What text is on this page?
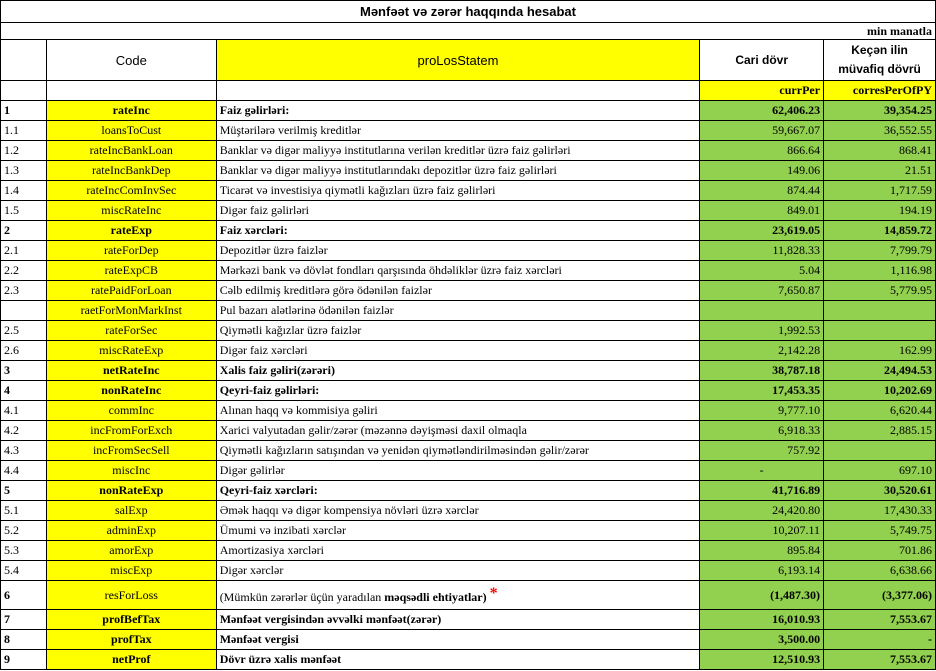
Mənfəət və zərər haqqında hesabat				
				min manatla
	Code	proLosStatem	Cari dövr	Keçən ilin müvafiq dövrü
			currPer	corresPerOfPY
1	rateInc	Faiz gəlirləri:	62,406.23	39,354.25
1.1	loansToCust	Müştərilərə verilmiş kreditlər	59,667.07	36,552.55
1.2	rateIncBankLoan	Banklar və digər maliyyə institutlarına verilən kreditlər üzrə faiz gəlirləri	866.64	868.41
1.3	rateIncBankDep	Banklar və digər maliyyə institutlarındakı depozitlər üzrə faiz gəlirləri	149.06	21.51
1.4	rateIncComInvSec	Ticarət və investisiya qiymətli kağızları üzrə faiz gəlirləri	874.44	1,717.59
1.5	miscRateInc	Digər faiz gəlirləri	849.01	194.19
2	rateExp	Faiz xərcləri:	23,619.05	14,859.72
2.1	rateForDep	Depozitlər üzrə faizlər	11,828.33	7,799.79
2.2	rateExpCB	Mərkəzi bank və dövlət fondları qarşısında öhdəliklər üzrə faiz xərcləri	5.04	1,116.98
2.3	ratePaidForLoan	Cəlb edilmiş kreditlərə görə ödənilən faizlər	7,650.87	5,779.95
	raetForMonMarkInst	Pul bazarı alətlərinə ödənilən faizlər		
2.5	rateForSec	Qiymətli kağızlar üzrə faizlər	1,992.53	
2.6	miscRateExp	Digər faiz xərcləri	2,142.28	162.99
3	netRateInc	Xalis faiz gəliri(zərəri)	38,787.18	24,494.53
4	nonRateInc	Qeyri-faiz gəlirləri:	17,453.35	10,202.69
4.1	commInc	Alınan haqq və kommisiya gəliri	9,777.10	6,620.44
4.2	incFromForExch	Xarici valyutadan gəlir/zərər (məzənnə dəyişməsi daxil olmaqla	6,918.33	2,885.15
4.3	incFromSecSell	Qiymətli kağızların satışından və yenidən qiymətləndirilməsindən gəlir/zərər	757.92	
4.4	miscInc	Digər gəlirlər	-	697.10
5	nonRateExp	Qeyri-faiz xərcləri:	41,716.89	30,520.61
5.1	salExp	Əmək haqqı və digər kompensiya növləri üzrə xərclər	24,420.80	17,430.33
5.2	adminExp	Ümumi və inzibati xərclər	10,207.11	5,749.75
5.3	amorExp	Amortizasiya xərcləri	895.84	701.86
5.4	miscExp	Digər xərclər	6,193.14	6,638.66
6	resForLoss	(Mümkün zərərlər üçün yaradılan məqsədli ehtiyatlar) *	(1,487.30)	(3,377.06)
7	profBefTax	Mənfəət vergisindən əvvəlki mənfəət(zərər)	16,010.93	7,553.67
8	profTax	Mənfəət vergisi	3,500.00	-
9	netProf	Dövr üzrə xalis mənfəət	12,510.93	7,553.67
